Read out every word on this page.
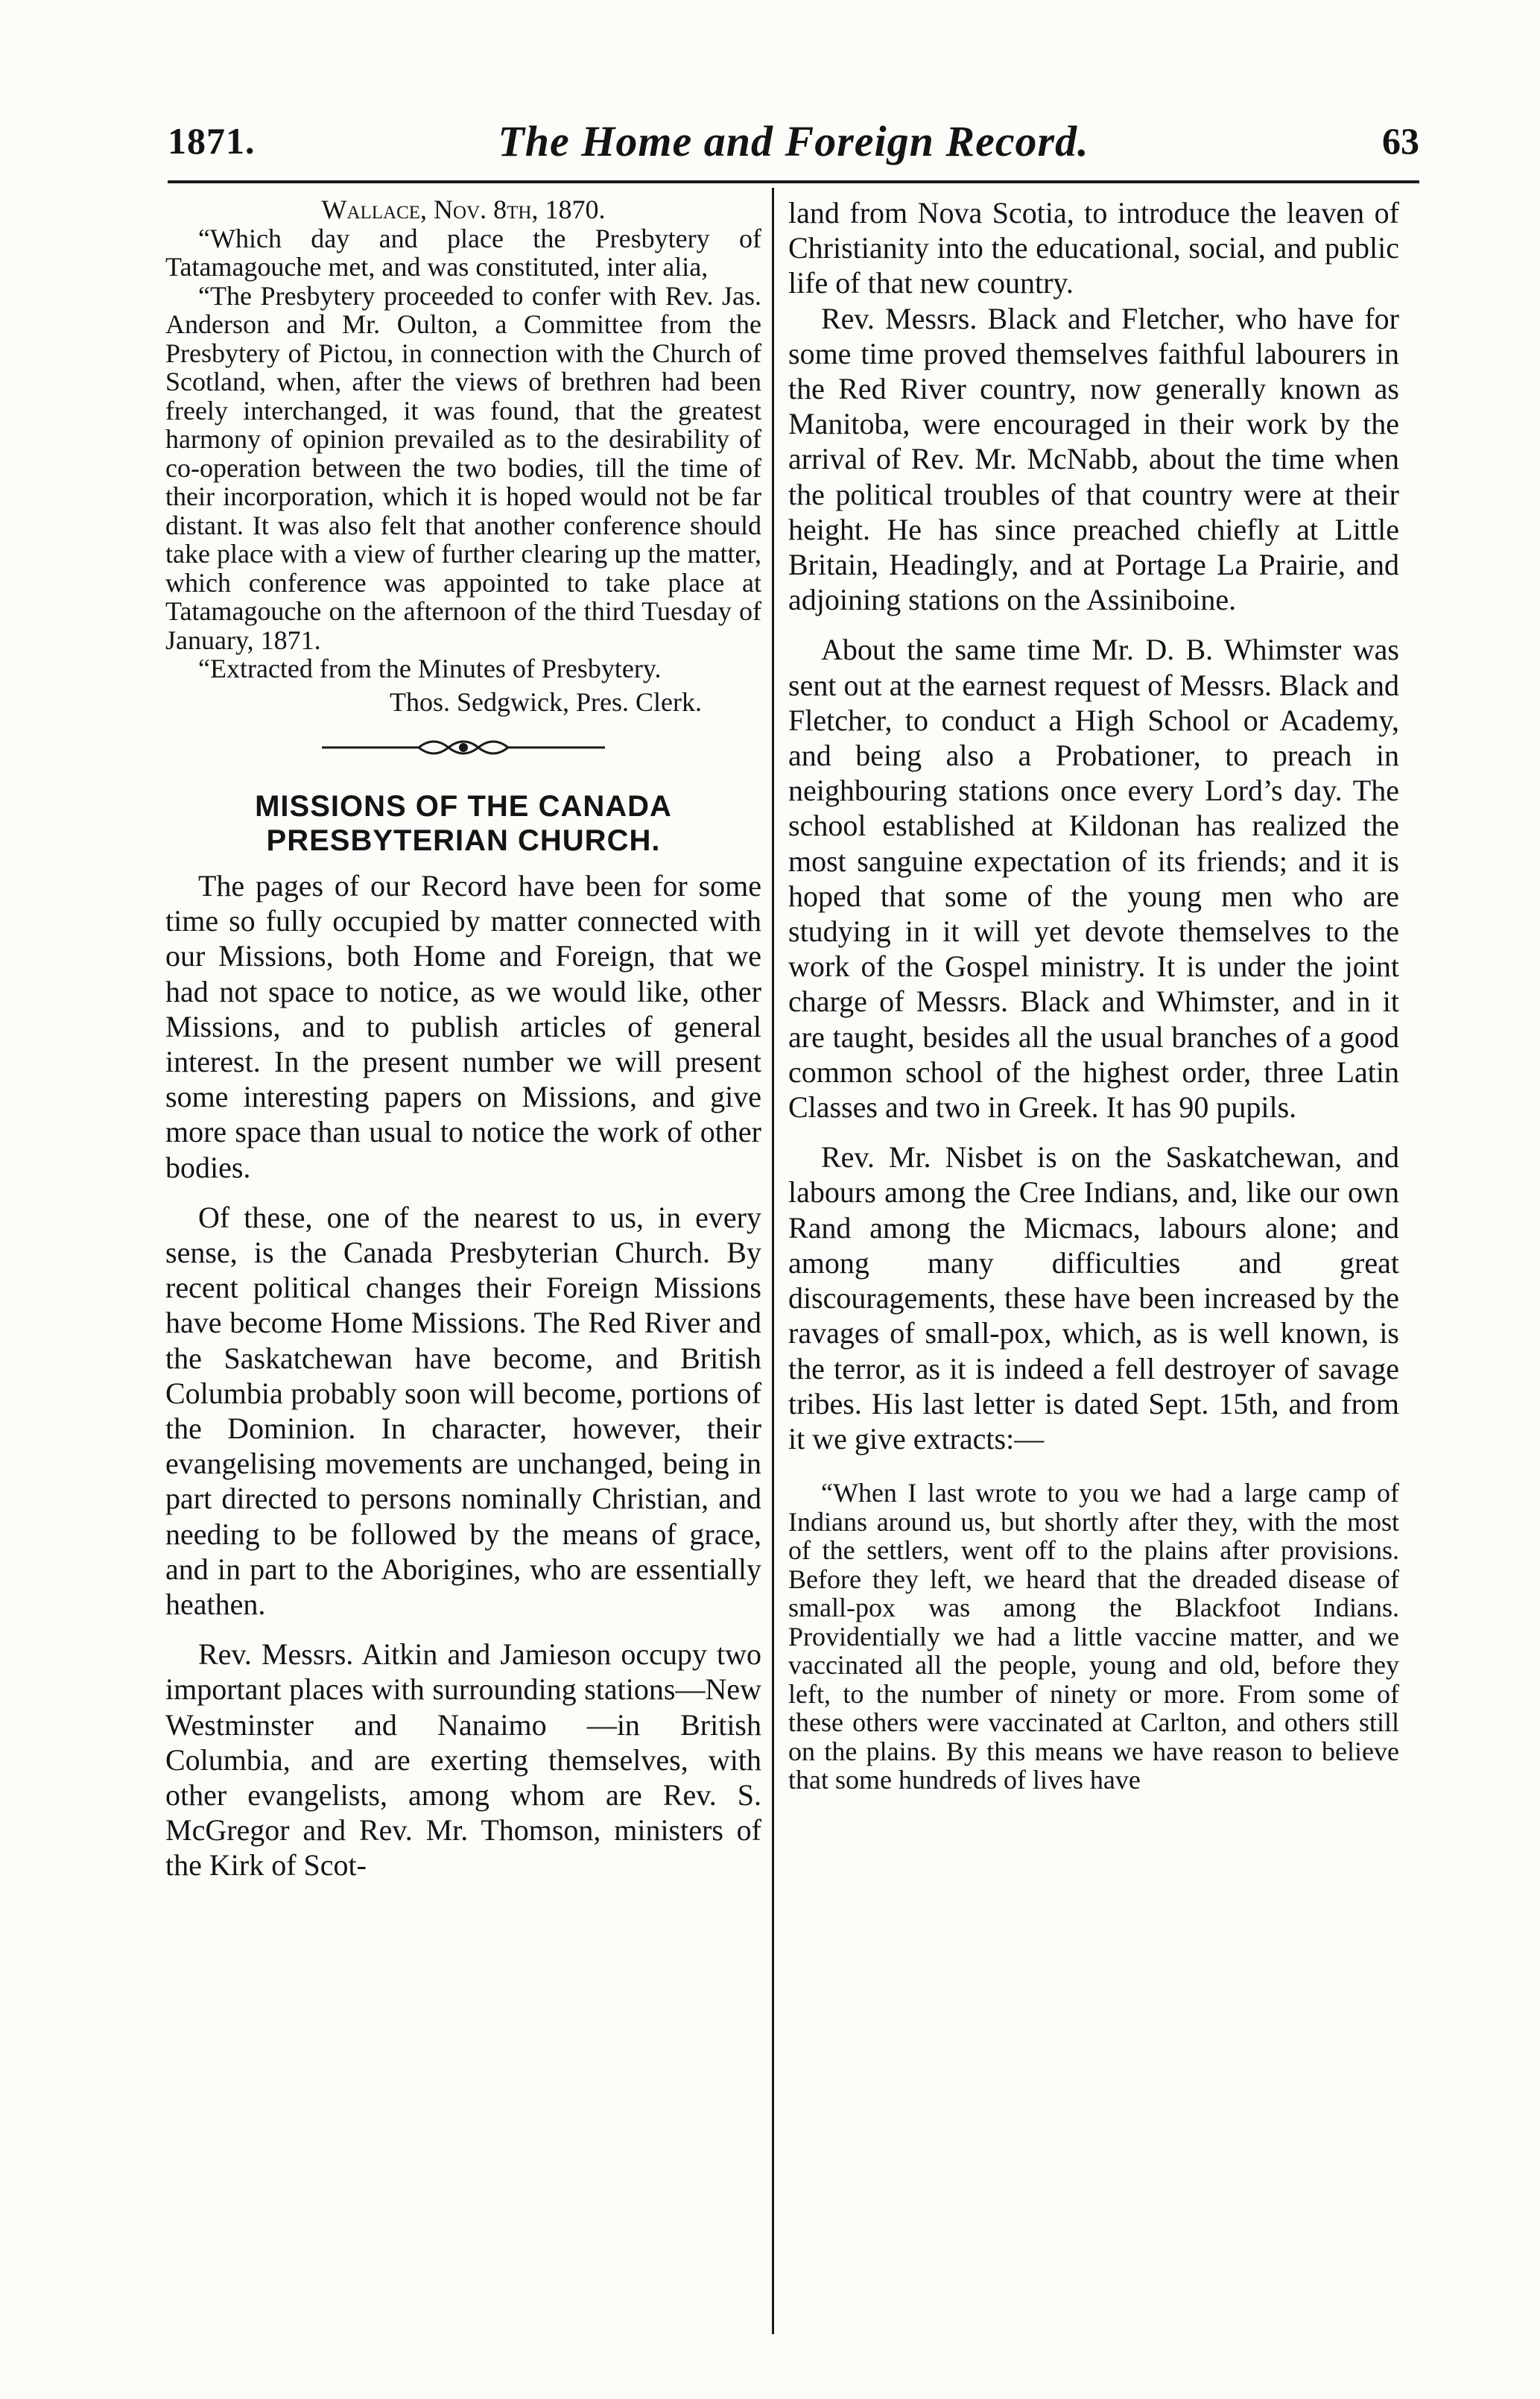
1871.	The Home and Foreign Record.	63

Wallace, Nov. 8th, 1870.

“Which day and place the Presbytery of Tatamagouche met, and was constituted, inter alia,

“The Presbytery proceeded to confer with Rev. Jas. Anderson and Mr. Oulton, a Committee from the Presbytery of Pictou, in connection with the Church of Scotland, when, after the views of brethren had been freely interchanged, it was found, that the greatest harmony of opinion prevailed as to the desirability of co-operation between the two bodies, till the time of their incorporation, which it is hoped would not be far distant. It was also felt that another conference should take place with a view of further clearing up the matter, which conference was appointed to take place at Tatamagouche on the afternoon of the third Tuesday of January, 1871.

“Extracted from the Minutes of Presbytery.

Thos. Sedgwick, Pres. Clerk.

MISSIONS OF THE CANADA PRESBYTERIAN CHURCH.

The pages of our Record have been for some time so fully occupied by matter connected with our Missions, both Home and Foreign, that we had not space to notice, as we would like, other Missions, and to publish articles of general interest. In the present number we will present some interesting papers on Missions, and give more space than usual to notice the work of other bodies.

Of these, one of the nearest to us, in every sense, is the Canada Presbyterian Church. By recent political changes their Foreign Missions have become Home Missions. The Red River and the Saskatchewan have become, and British Columbia probably soon will become, portions of the Dominion. In character, however, their evangelising movements are unchanged, being in part directed to persons nominally Christian, and needing to be followed by the means of grace, and in part to the Aborigines, who are essentially heathen.

Rev. Messrs. Aitkin and Jamieson occupy two important places with surrounding stations—New Westminster and Nanaimo —in British Columbia, and are exerting themselves, with other evangelists, among whom are Rev. S. McGregor and Rev. Mr. Thomson, ministers of the Kirk of Scot-

land from Nova Scotia, to introduce the leaven of Christianity into the educational, social, and public life of that new country.

Rev. Messrs. Black and Fletcher, who have for some time proved themselves faithful labourers in the Red River country, now generally known as Manitoba, were encouraged in their work by the arrival of Rev. Mr. McNabb, about the time when the political troubles of that country were at their height. He has since preached chiefly at Little Britain, Headingly, and at Portage La Prairie, and adjoining stations on the Assiniboine.

About the same time Mr. D. B. Whimster was sent out at the earnest request of Messrs. Black and Fletcher, to conduct a High School or Academy, and being also a Probationer, to preach in neighbouring stations once every Lord’s day. The school established at Kildonan has realized the most sanguine expectation of its friends; and it is hoped that some of the young men who are studying in it will yet devote themselves to the work of the Gospel ministry. It is under the joint charge of Messrs. Black and Whimster, and in it are taught, besides all the usual branches of a good common school of the highest order, three Latin Classes and two in Greek. It has 90 pupils.

Rev. Mr. Nisbet is on the Saskatchewan, and labours among the Cree Indians, and, like our own Rand among the Micmacs, labours alone; and among many difficulties and great discouragements, these have been increased by the ravages of small-pox, which, as is well known, is the terror, as it is indeed a fell destroyer of savage tribes. His last letter is dated Sept. 15th, and from it we give extracts:—

“When I last wrote to you we had a large camp of Indians around us, but shortly after they, with the most of the settlers, went off to the plains after provisions. Before they left, we heard that the dreaded disease of small-pox was among the Blackfoot Indians. Providentially we had a little vaccine matter, and we vaccinated all the people, young and old, before they left, to the number of ninety or more. From some of these others were vaccinated at Carlton, and others still on the plains. By this means we have reason to believe that some hundreds of lives have
